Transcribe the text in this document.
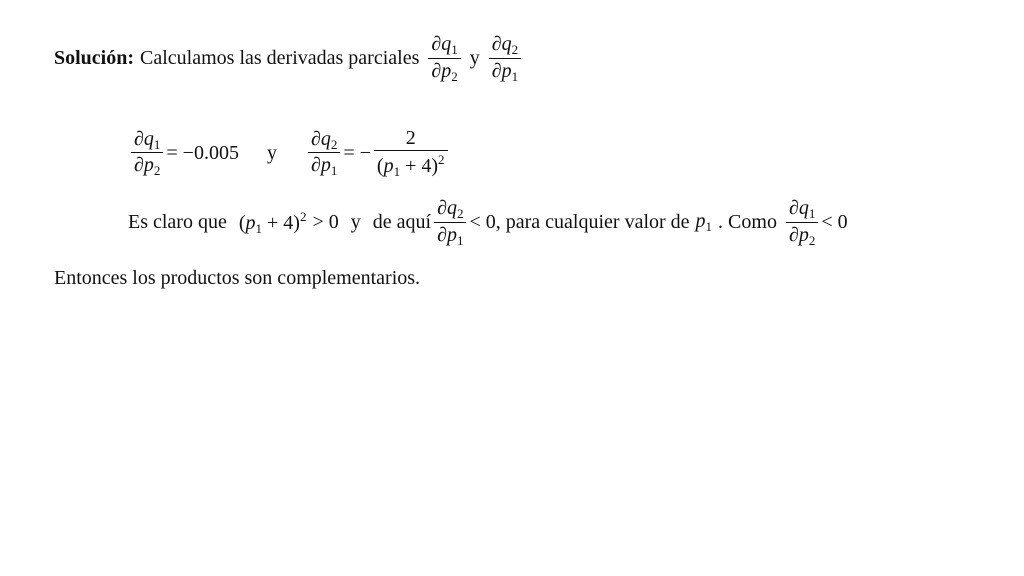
Solución: Calculamos las derivadas parciales $\frac{\partial q_1}{\partial p_2}$ y $\frac{\partial q_2}{\partial p_1}$
$\frac{\partial q_1}{\partial p_2} = -0.005$ y $\frac{\partial q_2}{\partial p_1}$ = − $\frac{2}{(p_1 + 4)^2}$
Es claro que $(p_1 + 4)^2 > 0$ y de aquí $\frac{\partial q_2}{\partial p_1} < 0$ , para cualquier valor de $p_1$ . Como $\frac{\partial q_1}{\partial p_2} < 0$
Entonces los productos son complementarios.
